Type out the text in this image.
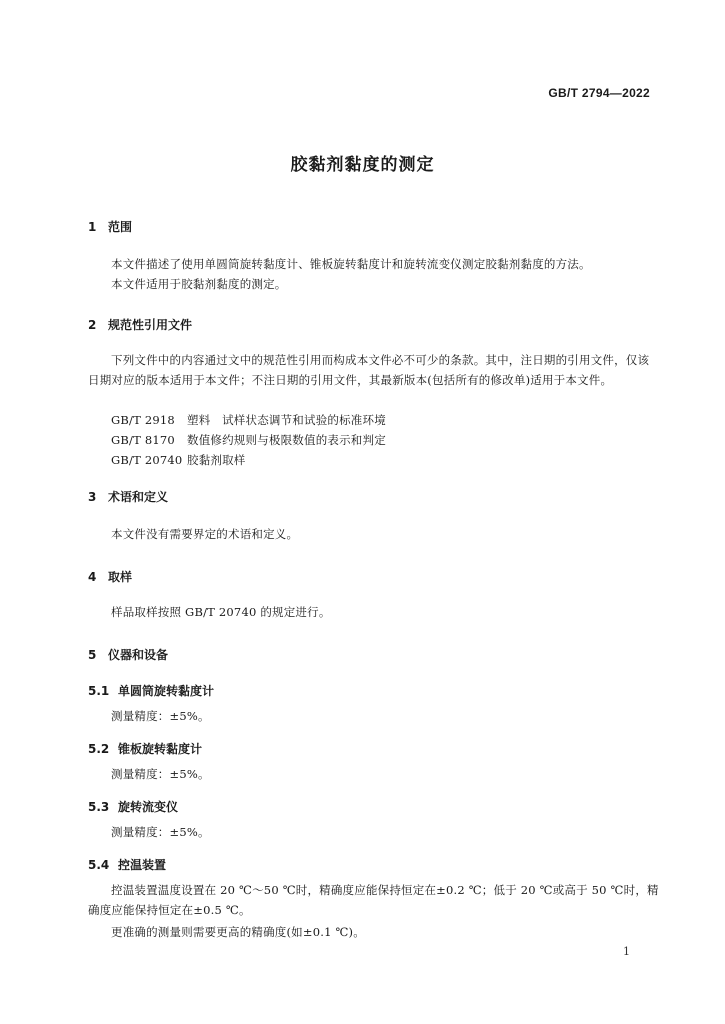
GB/T 2794—2022
胶黏剂黏度的测定
1 范围
本文件描述了使用单圆筒旋转黏度计、锥板旋转黏度计和旋转流变仪测定胶黏剂黏度的方法。
本文件适用于胶黏剂黏度的测定。
2 规范性引用文件
下列文件中的内容通过文中的规范性引用而构成本文件必不可少的条款。其中，注日期的引用文件，仅该日期对应的版本适用于本文件；不注日期的引用文件，其最新版本(包括所有的修改单)适用于本文件。
GB/T 2918 塑料　试样状态调节和试验的标准环境
GB/T 8170 数值修约规则与极限数值的表示和判定
GB/T 20740 胶黏剂取样
3 术语和定义
本文件没有需要界定的术语和定义。
4 取样
样品取样按照 GB/T 20740 的规定进行。
5 仪器和设备
5.1 单圆筒旋转黏度计
测量精度：±5%。
5.2 锥板旋转黏度计
测量精度：±5%。
5.3 旋转流变仪
测量精度：±5%。
5.4 控温装置
控温装置温度设置在 20 ℃～50 ℃时，精确度应能保持恒定在±0.2 ℃；低于 20 ℃或高于 50 ℃时，精确度应能保持恒定在±0.5 ℃。
更准确的测量则需要更高的精确度(如±0.1 ℃)。
1
